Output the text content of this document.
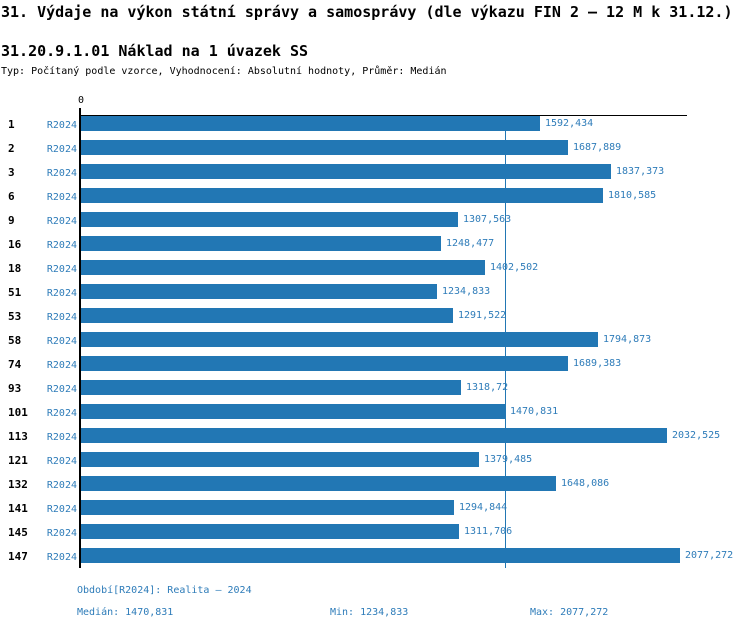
31. Výdaje na výkon státní správy a samosprávy (dle výkazu FIN 2 – 12 M k 31.12.)
31.20.9.1.01 Náklad na 1 úvazek SS
Typ: Počítaný podle vzorce, Vyhodnocení: Absolutní hodnoty, Průměr: Medián
0
1	R2024	1592,434
2	R2024	1687,889
3	R2024	1837,373
6	R2024	1810,585
9	R2024	1307,563
16	R2024	1248,477
18	R2024	1402,502
51	R2024	1234,833
53	R2024	1291,522
58	R2024	1794,873
74	R2024	1689,383
93	R2024	1318,72
101	R2024	1470,831
113	R2024	2032,525
121	R2024	1379,485
132	R2024	1648,086
141	R2024	1294,844
145	R2024	1311,706
147	R2024	2077,272
Období[R2024]: Realita – 2024
Medián: 1470,831	Min: 1234,833	Max: 2077,272
